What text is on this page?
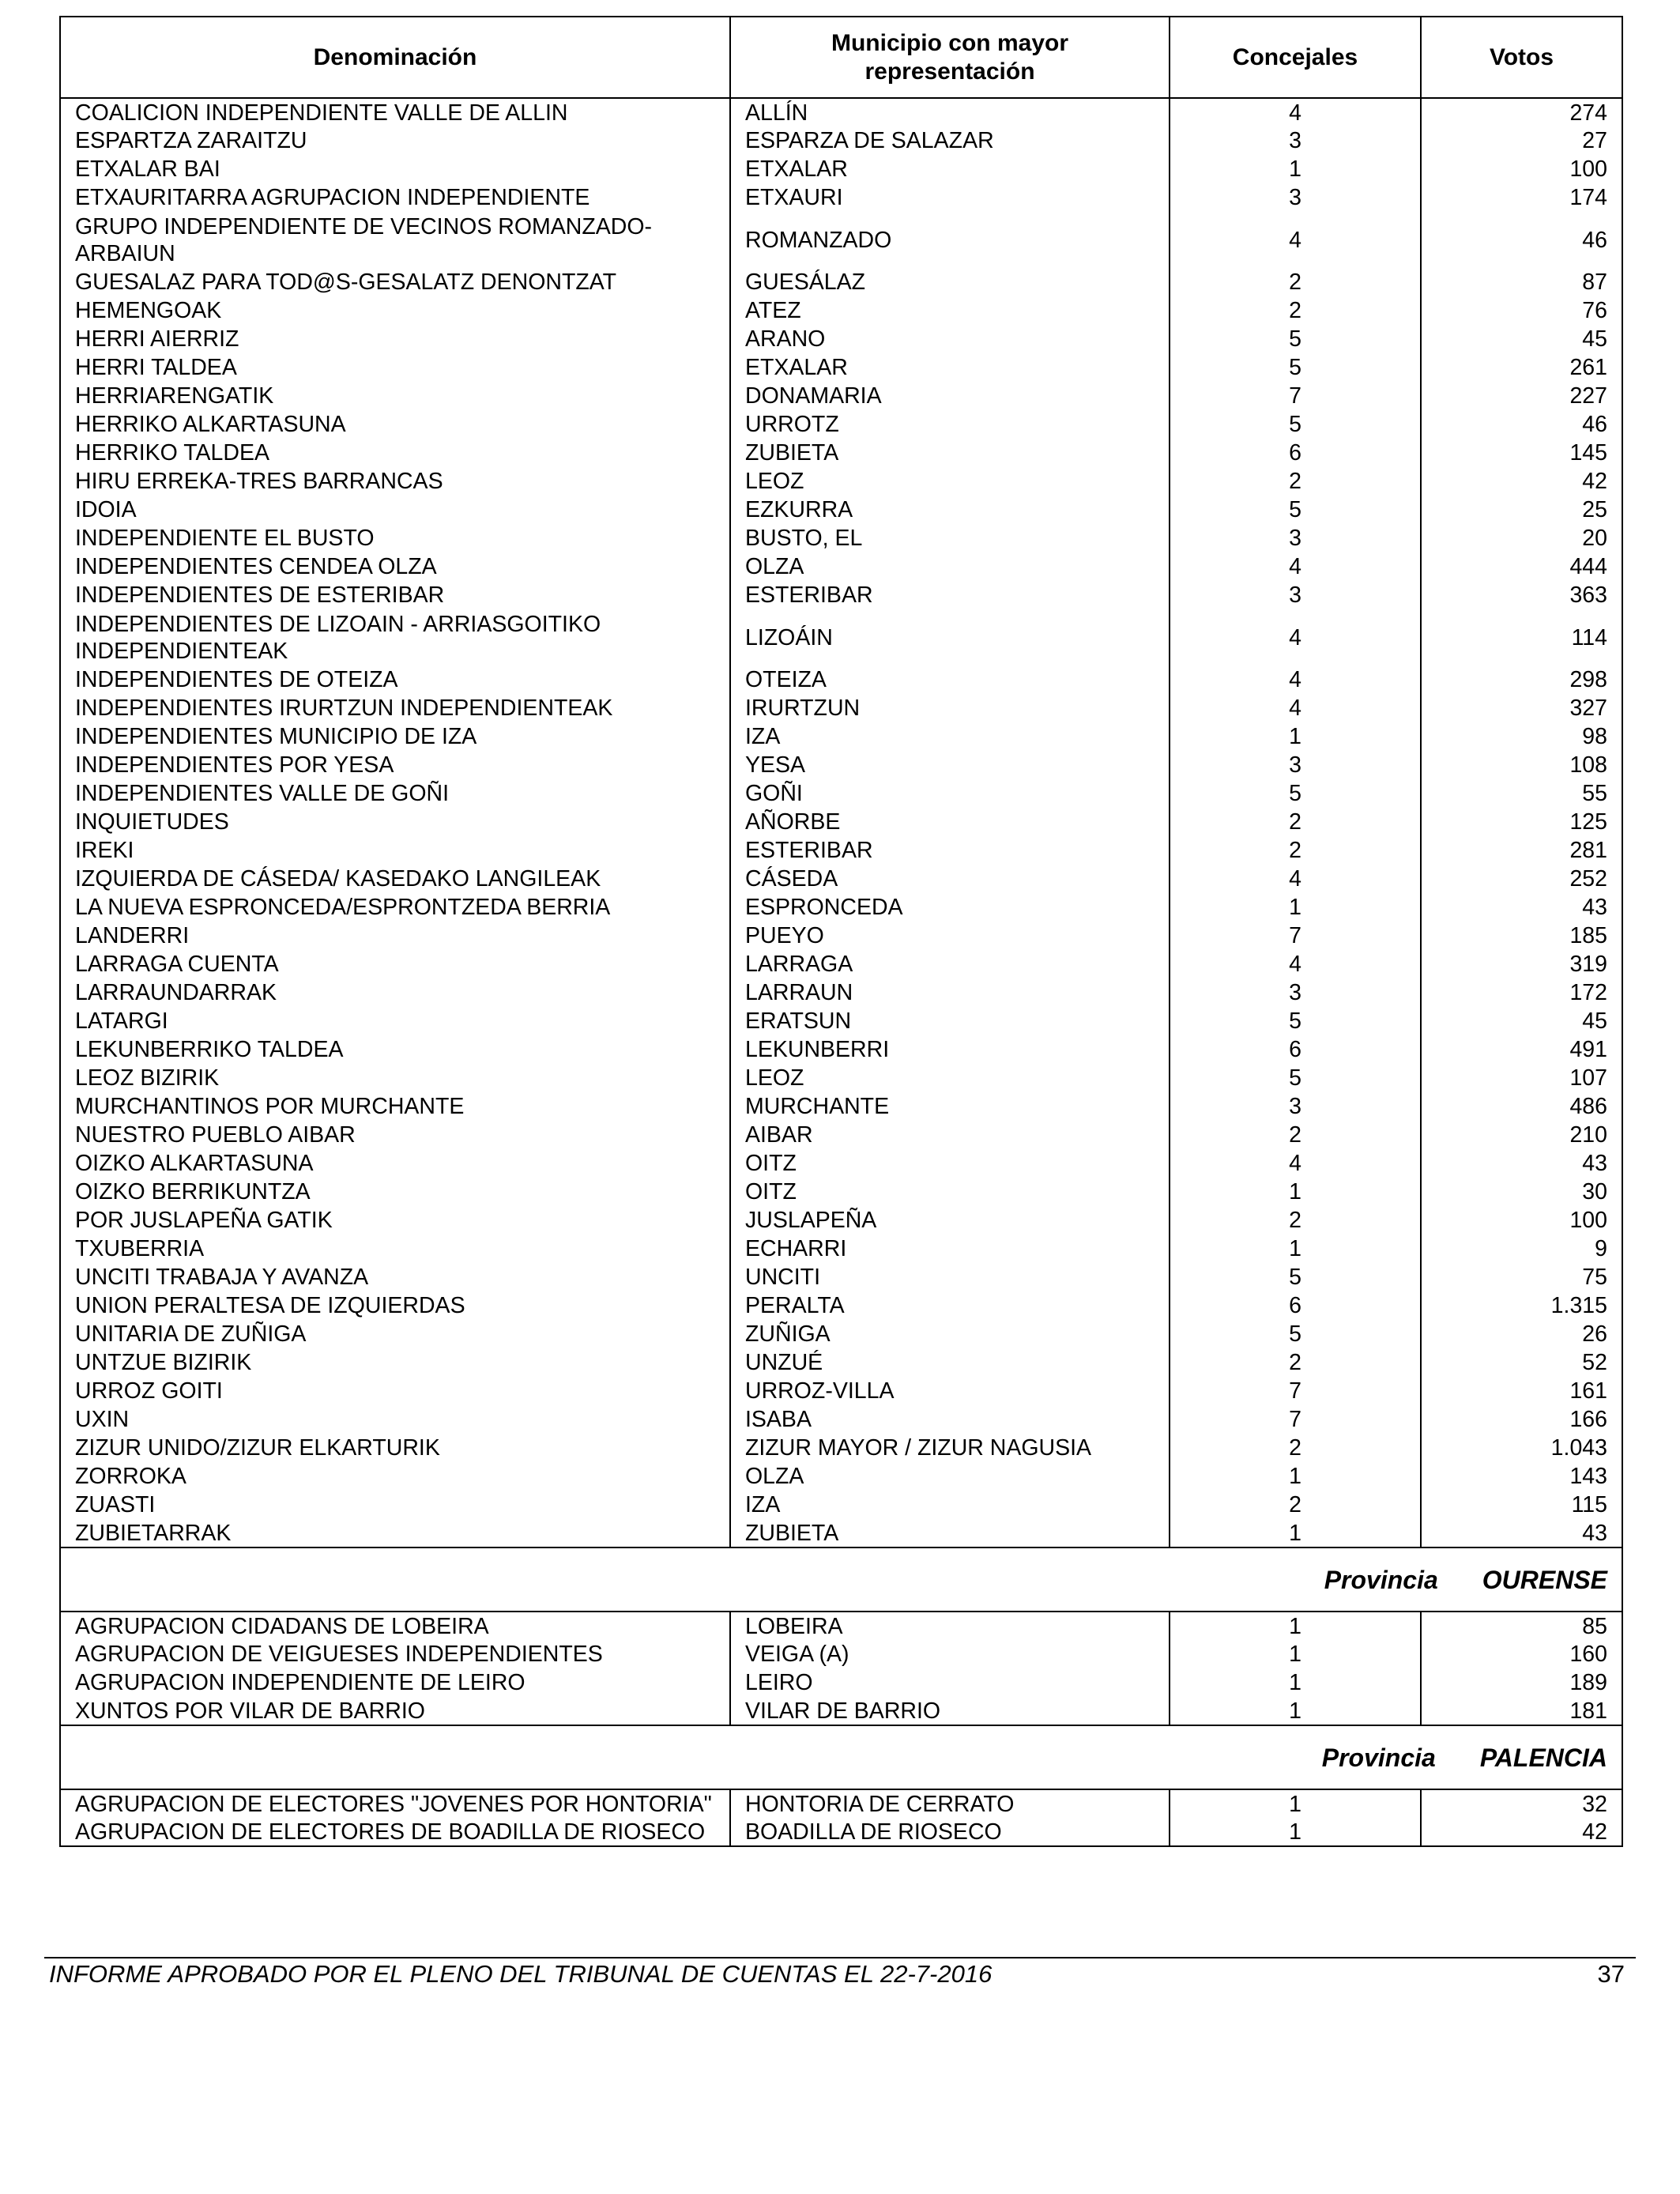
Denominación	Municipio con mayor representación	Concejales	Votos
COALICION INDEPENDIENTE VALLE DE ALLIN	ALLÍN	4	274
ESPARTZA ZARAITZU	ESPARZA DE SALAZAR	3	27
ETXALAR BAI	ETXALAR	1	100
ETXAURITARRA AGRUPACION INDEPENDIENTE	ETXAURI	3	174
GRUPO INDEPENDIENTE DE VECINOS ROMANZADO-ARBAIUN	ROMANZADO	4	46
GUESALAZ PARA TOD@S-GESALATZ DENONTZAT	GUESÁLAZ	2	87
HEMENGOAK	ATEZ	2	76
HERRI AIERRIZ	ARANO	5	45
HERRI TALDEA	ETXALAR	5	261
HERRIARENGATIK	DONAMARIA	7	227
HERRIKO ALKARTASUNA	URROTZ	5	46
HERRIKO TALDEA	ZUBIETA	6	145
HIRU ERREKA-TRES BARRANCAS	LEOZ	2	42
IDOIA	EZKURRA	5	25
INDEPENDIENTE EL BUSTO	BUSTO, EL	3	20
INDEPENDIENTES CENDEA OLZA	OLZA	4	444
INDEPENDIENTES DE ESTERIBAR	ESTERIBAR	3	363
INDEPENDIENTES DE LIZOAIN - ARRIASGOITIKO INDEPENDIENTEAK	LIZOÁIN	4	114
INDEPENDIENTES DE OTEIZA	OTEIZA	4	298
INDEPENDIENTES IRURTZUN INDEPENDIENTEAK	IRURTZUN	4	327
INDEPENDIENTES MUNICIPIO DE IZA	IZA	1	98
INDEPENDIENTES POR YESA	YESA	3	108
INDEPENDIENTES VALLE DE GOÑI	GOÑI	5	55
INQUIETUDES	AÑORBE	2	125
IREKI	ESTERIBAR	2	281
IZQUIERDA DE CÁSEDA/ KASEDAKO LANGILEAK	CÁSEDA	4	252
LA NUEVA ESPRONCEDA/ESPRONTZEDA BERRIA	ESPRONCEDA	1	43
LANDERRI	PUEYO	7	185
LARRAGA CUENTA	LARRAGA	4	319
LARRAUNDARRAK	LARRAUN	3	172
LATARGI	ERATSUN	5	45
LEKUNBERRIKO TALDEA	LEKUNBERRI	6	491
LEOZ BIZIRIK	LEOZ	5	107
MURCHANTINOS POR MURCHANTE	MURCHANTE	3	486
NUESTRO PUEBLO AIBAR	AIBAR	2	210
OIZKO ALKARTASUNA	OITZ	4	43
OIZKO BERRIKUNTZA	OITZ	1	30
POR JUSLAPEÑA GATIK	JUSLAPEÑA	2	100
TXUBERRIA	ECHARRI	1	9
UNCITI TRABAJA Y AVANZA	UNCITI	5	75
UNION PERALTESA DE IZQUIERDAS	PERALTA	6	1.315
UNITARIA DE ZUÑIGA	ZUÑIGA	5	26
UNTZUE BIZIRIK	UNZUÉ	2	52
URROZ GOITI	URROZ-VILLA	7	161
UXIN	ISABA	7	166
ZIZUR UNIDO/ZIZUR ELKARTURIK	ZIZUR MAYOR / ZIZUR NAGUSIA	2	1.043
ZORROKA	OLZA	1	143
ZUASTI	IZA	2	115
ZUBIETARRAK	ZUBIETA	1	43
Provincia OURENSE			
AGRUPACION CIDADANS DE LOBEIRA	LOBEIRA	1	85
AGRUPACION DE VEIGUESES INDEPENDIENTES	VEIGA (A)	1	160
AGRUPACION INDEPENDIENTE DE LEIRO	LEIRO	1	189
XUNTOS POR VILAR DE BARRIO	VILAR DE BARRIO	1	181
Provincia PALENCIA			
AGRUPACION DE ELECTORES "JOVENES POR HONTORIA"	HONTORIA DE CERRATO	1	32
AGRUPACION DE ELECTORES DE BOADILLA DE RIOSECO	BOADILLA DE RIOSECO	1	42
INFORME APROBADO POR EL PLENO DEL TRIBUNAL DE CUENTAS EL 22-7-2016	37
